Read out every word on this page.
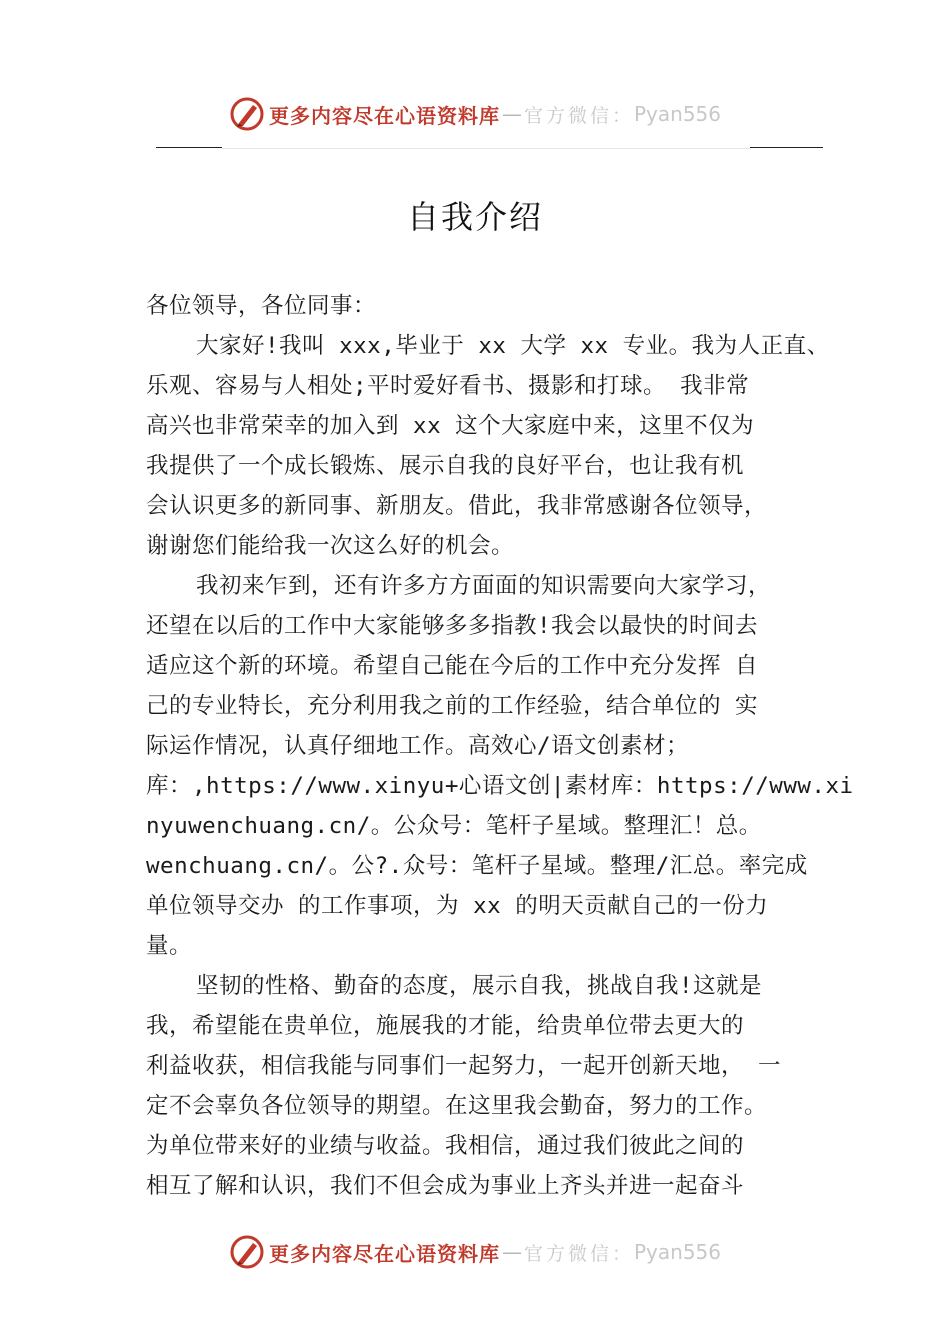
更多内容尽在心语资料库 — 官方微信： Pyan556
自我介绍
各位领导，各位同事：
大家好!我叫 xxx,毕业于 xx 大学 xx 专业。我为人正直、
乐观、容易与人相处;平时爱好看书、摄影和打球。 我非常
高兴也非常荣幸的加入到 xx 这个大家庭中来，这里不仅为
我提供了一个成长锻炼、展示自我的良好平台，也让我有机
会认识更多的新同事、新朋友。借此，我非常感谢各位领导，
谢谢您们能给我一次这么好的机会。
我初来乍到，还有许多方方面面的知识需要向大家学习，
还望在以后的工作中大家能够多多指教!我会以最快的时间去
适应这个新的环境。希望自己能在今后的工作中充分发挥 自
己的专业特长，充分利用我之前的工作经验，结合单位的 实
际运作情况，认真仔细地工作。高效心/语文创素材；
库：,https://www.xinyu+心语文创|素材库：https://www.xi
nyuwenchuang.cn/。公众号：笔杆子星域。整理汇！总。
wenchuang.cn/。公?.众号：笔杆子星域。整理/汇总。率完成
单位领导交办 的工作事项，为 xx 的明天贡献自己的一份力
量。
坚韧的性格、勤奋的态度，展示自我，挑战自我!这就是
我，希望能在贵单位，施展我的才能，给贵单位带去更大的
利益收获，相信我能与同事们一起努力，一起开创新天地， 一
定不会辜负各位领导的期望。在这里我会勤奋，努力的工作。
为单位带来好的业绩与收益。我相信，通过我们彼此之间的
相互了解和认识，我们不但会成为事业上齐头并进一起奋斗
更多内容尽在心语资料库 — 官方微信： Pyan556
